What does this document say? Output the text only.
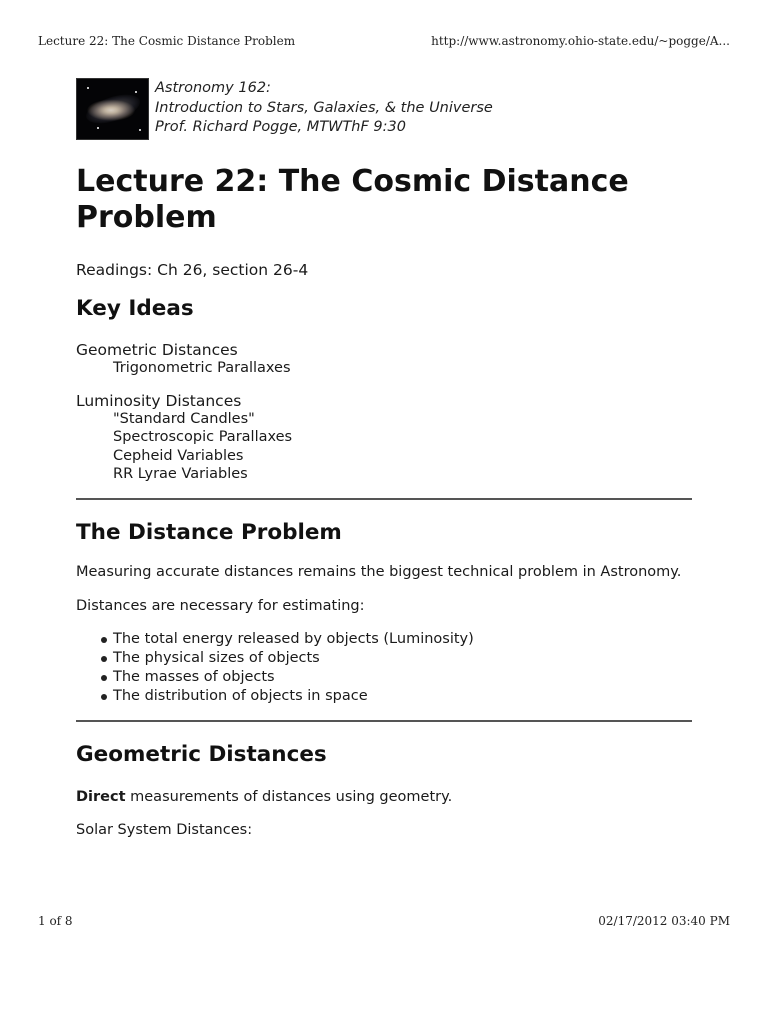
Lecture 22: The Cosmic Distance Problem	http://www.astronomy.ohio-state.edu/~pogge/A...
Astronomy 162:
Introduction to Stars, Galaxies, & the Universe
Prof. Richard Pogge, MTWThF 9:30
Lecture 22: The Cosmic Distance Problem
Readings: Ch 26, section 26-4
Key Ideas
Geometric Distances
Trigonometric Parallaxes
Luminosity Distances
"Standard Candles"
Spectroscopic Parallaxes
Cepheid Variables
RR Lyrae Variables
The Distance Problem

Measuring accurate distances remains the biggest technical problem in Astronomy.

Distances are necessary for estimating:

The total energy released by objects (Luminosity)
The physical sizes of objects
The masses of objects
The distribution of objects in space
Geometric Distances

Direct measurements of distances using geometry.

Solar System Distances:

1 of 8	02/17/2012 03:40 PM
